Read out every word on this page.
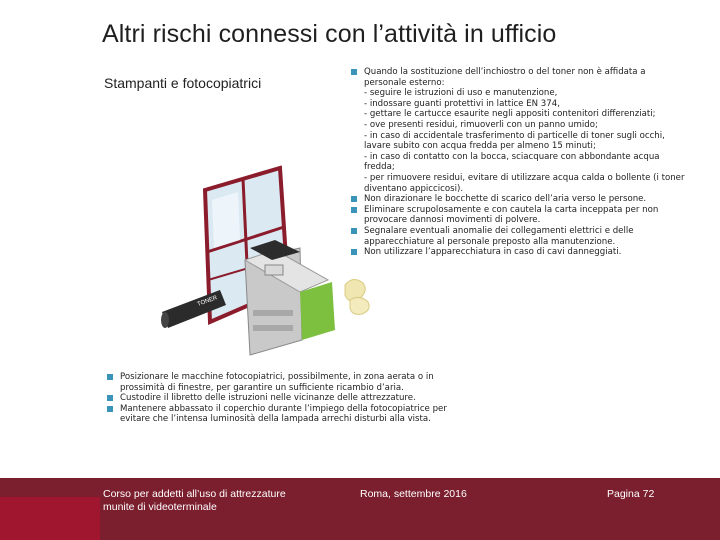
Altri rischi connessi con l’attività in ufficio
Stampanti e fotocopiatrici
Quando la sostituzione dell’inchiostro o del toner non è affidata a personale esterno:
- seguire le istruzioni di uso e manutenzione,
- indossare guanti protettivi in lattice EN 374,
- gettare le cartucce esaurite negli appositi contenitori differenziati;
- ove presenti residui, rimuoverli con un panno umido;
- in caso di accidentale trasferimento di particelle di toner sugli occhi, lavare subito con acqua fredda per almeno 15 minuti;
- in caso di contatto con la bocca, sciacquare con abbondante acqua fredda;
- per rimuovere residui, evitare di utilizzare acqua calda o bollente (i toner diventano appiccicosi).
Non dirazionare le bocchette di scarico dell’aria verso le persone.
Eliminare scrupolosamente e con cautela la carta inceppata per non provocare dannosi movimenti di polvere.
Segnalare eventuali anomalie dei collegamenti elettrici e delle apparecchiature al personale preposto alla manutenzione.
Non utilizzare l’apparecchiatura in caso di cavi danneggiati.
TONER
Posizionare le macchine fotocopiatrici, possibilmente, in zona aerata o in prossimità di finestre, per garantire un sufficiente ricambio d’aria.
Custodire il libretto delle istruzioni nelle vicinanze delle attrezzature.
Mantenere abbassato il coperchio durante l’impiego della fotocopiatrice per evitare che l’intensa luminosità della lampada arrechi disturbi alla vista.
Corso per addetti all’uso di attrezzature munite di videoterminale
Roma, settembre 2016	Pagina 72
